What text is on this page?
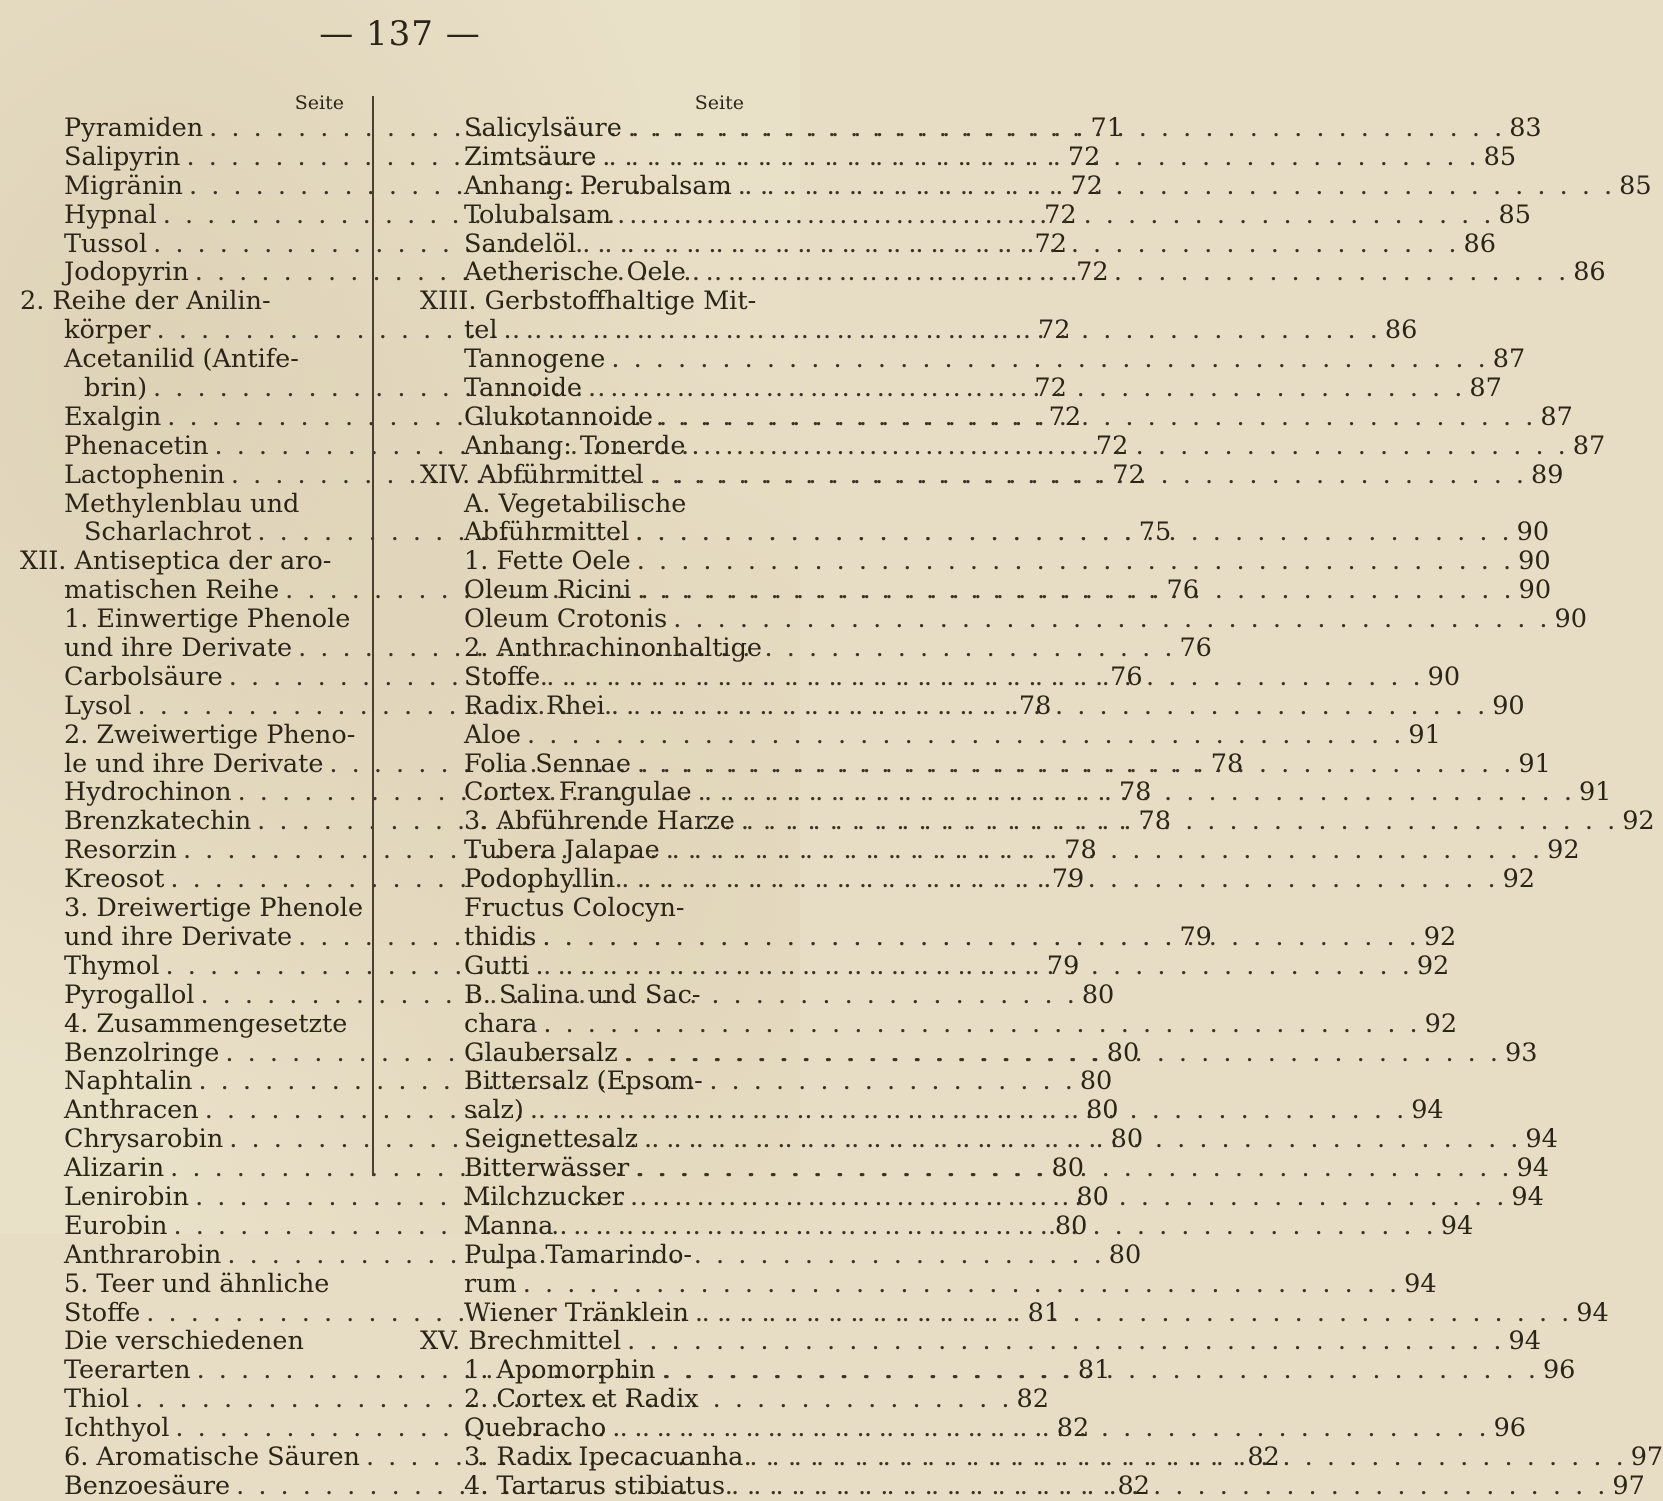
— 137 —
Seite
Pyramiden . . .	71
Salipyrin . . .	72
Migränin . . .	72
Hypnal . . .	72
Tussol . . .	72
Jodopyrin . . .	72
2. Reihe der Anilin-
körper . . .	72
Acetanilid (Antife-
brin) . . .	72
Exalgin . . .	72
Phenacetin . . .	72
Lactophenin . . .	72
Methylenblau und
Scharlachrot . . .	75
XII. Antiseptica der aro-
matischen Reihe . . .	76
1. Einwertige Phenole
und ihre Derivate . . .	76
Carbolsäure . . .	76
Lysol . . .	78
2. Zweiwertige Pheno-
le und ihre Derivate . . .	78
Hydrochinon . . .	78
Brenzkatechin . . .	78
Resorzin . . .	78
Kreosot . . .	79
3. Dreiwertige Phenole
und ihre Derivate . . .	79
Thymol . . .	79
Pyrogallol . . .	80
4. Zusammengesetzte
Benzolringe . . .	80
Naphtalin . . .	80
Anthracen . . .	80
Chrysarobin . . .	80
Alizarin . . .	80
Lenirobin . . .	80
Eurobin . . .	80
Anthrarobin . . .	80
5. Teer und ähnliche
Stoffe . . .	81
Die verschiedenen
Teerarten . . .	81
Thiol . . .	82
Ichthyol . . .	82
6. Aromatische Säuren . . .	82
Benzoesäure . . .	82
Seite
Salicylsäure . . .	83
Zimtsäure . . .	85
Anhang: Perubalsam . . .	85
Tolubalsam . . .	85
Sandelöl . . .	86
Aetherische Oele . . .	86
XIII. Gerbstoffhaltige Mit-
tel . . .	86
Tannogene . . .	87
Tannoide . . .	87
Glukotannoide . . .	87
Anhang: Tonerde . . .	87
XIV. Abführmittel . . .	89
A. Vegetabilische
Abführmittel . . .	90
1. Fette Oele . . .	90
Oleum Ricini . . .	90
Oleum Crotonis . . .	90
2. Anthrachinonhaltige
Stoffe . . .	90
Radix Rhei . . .	90
Aloe . . .	91
Folia Sennae . . .	91
Cortex Frangulae . . .	91
3. Abführende Harze . . .	92
Tubera Jalapae . . .	92
Podophyllin . . .	92
Fructus Colocyn-
thidis . . .	92
Gutti . . .	92
B. Salina und Sac-
chara . . .	92
Glaubersalz . . .	93
Bittersalz (Epsom-
salz) . . .	94
Seignettesalz . . .	94
Bitterwässer . . .	94
Milchzucker . . .	94
Manna . . .	94
Pulpa Tamarindo-
rum . . .	94
Wiener Tränklein . . .	94
XV. Brechmittel . . .	94
1. Apomorphin . . .	96
2. Cortex et Radix
Quebracho . . .	96
3. Radix Ipecacuanha . . .	97
4. Tartarus stibiatus . . .	97
